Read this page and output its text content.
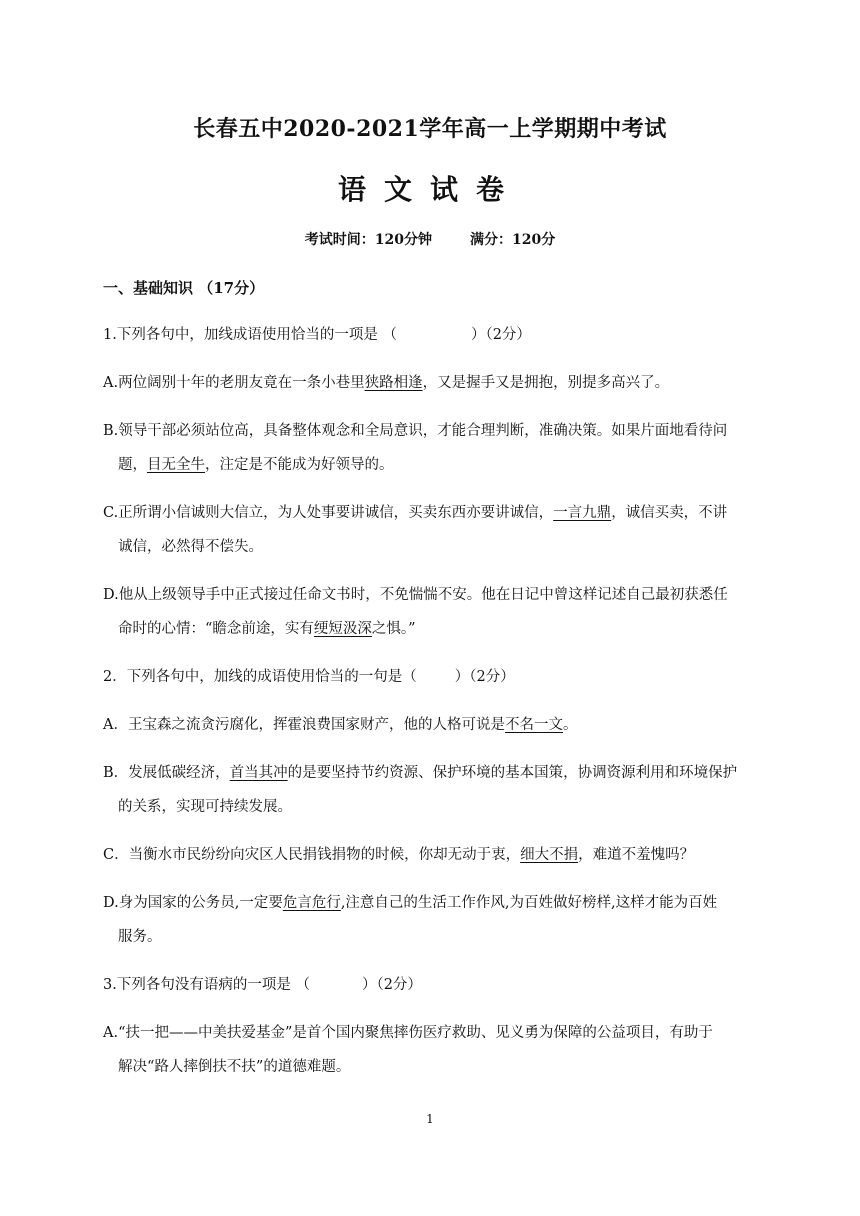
长春五中2020-2021学年高一上学期期中考试
语文试卷
考试时间：120分钟	满分：120分
一、基础知识 （17分）
1.下列各句中，加线成语使用恰当的一项是 （	）（2分）
A.两位阔别十年的老朋友竟在一条小巷里狭路相逢，又是握手又是拥抱，别提多高兴了。
B.领导干部必须站位高，具备整体观念和全局意识，才能合理判断，准确决策。如果片面地看待问
题，目无全牛，注定是不能成为好领导的。
C.正所谓小信诚则大信立，为人处事要讲诚信，买卖东西亦要讲诚信，一言九鼎，诚信买卖，不讲
诚信，必然得不偿失。
D.他从上级领导手中正式接过任命文书时，不免惴惴不安。他在日记中曾这样记述自己最初获悉任
命时的心情：“瞻念前途，实有绠短汲深之惧。”
2．下列各句中，加线的成语使用恰当的一句是（	）（2分）
A．王宝森之流贪污腐化，挥霍浪费国家财产，他的人格可说是不名一文。
B．发展低碳经济，首当其冲的是要坚持节约资源、保护环境的基本国策，协调资源利用和环境保护
的关系，实现可持续发展。
C．当衡水市民纷纷向灾区人民捐钱捐物的时候，你却无动于衷，细大不捐，难道不羞愧吗？
D.身为国家的公务员,一定要危言危行,注意自己的生活工作作风,为百姓做好榜样,这样才能为百姓
服务。
3.下列各句没有语病的一项是 （	）（2分）
A.“扶一把——中美扶爱基金”是首个国内聚焦摔伤医疗救助、见义勇为保障的公益项目，有助于
解决“路人摔倒扶不扶”的道德难题。
1
